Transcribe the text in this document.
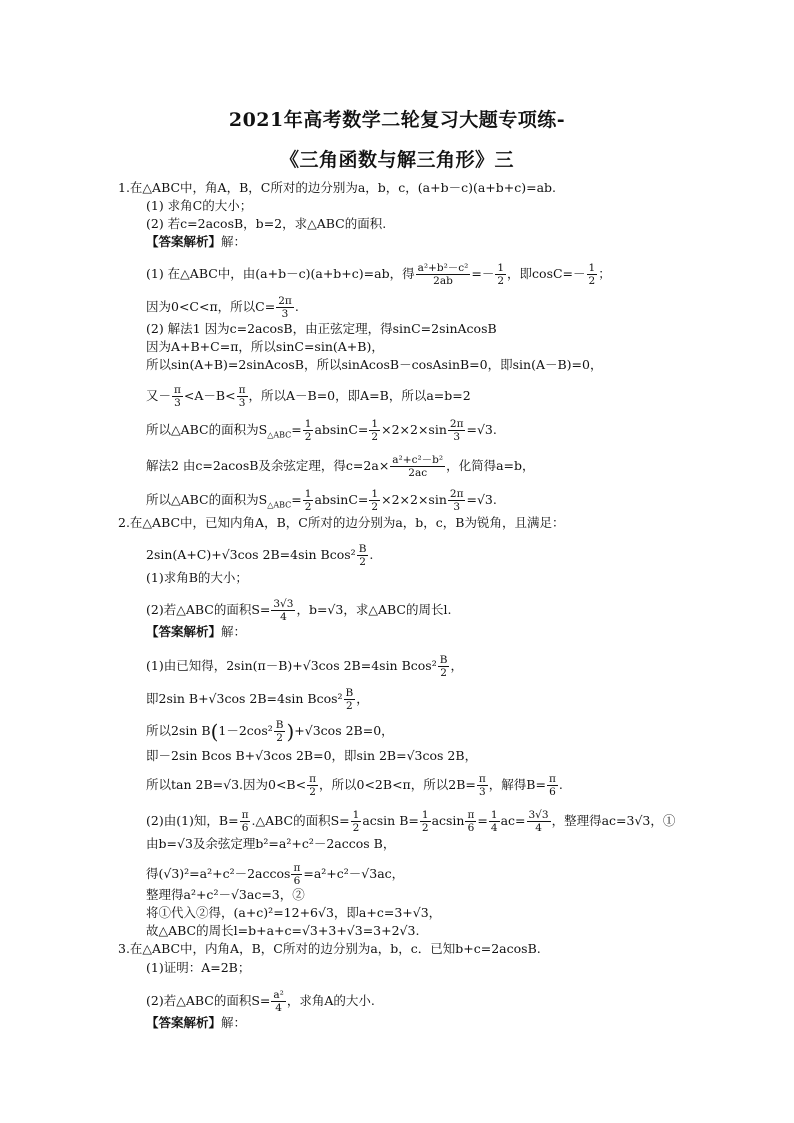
2021年高考数学二轮复习大题专项练-
《三角函数与解三角形》三
1.在△ABC中，角A，B，C所对的边分别为a，b，c，(a+b－c)(a+b+c)=ab.
(1) 求角C的大小；
(2) 若c=2acosB，b=2，求△ABC的面积.
【答案解析】解：
(1) 在△ABC中，由(a+b－c)(a+b+c)=ab，得 $\frac{\text{a²+b²－c²}}{2ab} =- \frac{1}{2}$ ，即$\cos C=- \frac{1}{2}$ ；
因为0<C<π，所以$C= \frac{2\pi}{3}$ .
(2) 解法1 因为c=2acosB，由正弦定理，得sinC=2sinAcosB
因为A+B+C=π，所以sinC=sin(A+B)，
所以sin(A+B)=2sinAcosB，所以sinAcosB－cosAsinB=0，即sin(A－B)=0，
又－ $\frac{\pi}{3} <A-B< \frac{\pi}{3}$ ，所以A－B=0，即A=B，所以a=b=2
所以△ABC的面积为$S_{\triangle ABC}= \frac{1}{2} absinC= \frac{1}{2} \times 2\times 2\times\sin \frac{2\pi}{3} =√3$.
解法2 由c=2acosB及余弦定理，得$c=2a\times \frac{\text{a²+c²－b²}}{2ac}$ ，化简得a=b，
所以△ABC的面积为$S_{\triangle ABC}= \frac{1}{2} absinC= \frac{1}{2} \times 2\times 2\times\sin \frac{2\pi}{3} =√3$.
2.在△ABC中，已知内角A，B，C所对的边分别为a，b，c，B为锐角，且满足：
2sin(A+C)+√3cos 2B=4sin $Bcos^2 \frac{B}{2}$ .
(1)求角B的大小；
(2)若△ABC的面积$S= \frac{3√3}{4}$ ，b=√3，求△ABC的周长l.
【答案解析】解：
(1)由已知得，2sin(π－B)+√3cos 2B=4sin $Bcos^2 \frac{B}{2}$ ，
即2sin B+√3cos 2B=4sin $Bcos^2 \frac{B}{2}$ ，
所以2sin $B(1-2\cos^2 \frac{B}{2} )+√3\cos$ 2B=0，
即－2sin Bcos B+√3cos 2B=0，即sin 2B=√3cos 2B，
所以tan 2B=√3.因为$0<B< \frac{\pi}{2}$ ，所以0<2B<π，所以$2B= \frac{\pi}{3}$ ，解得$B= \frac{\pi}{6}$ .
(2)由(1)知，$B= \frac{\pi}{6}$ .△ABC的面积$S= \frac{1}{2}$ acsin $B= \frac{1}{2}$ acsin $\frac{\pi}{6} = \frac{1}{4} ac= \frac{3√3}{4}$ ，整理得ac=3√3，①
由b=√3及余弦定理b²=a²+c²－2accos B，
得$(√3)^2=a^2+c^2-2accos \frac{\pi}{6} =a^2+c^2-√3ac$，
整理得a²+c²－√3ac=3，②
将①代入②得，(a+c)²=12+6√3，即a+c=3+√3，
故△ABC的周长l=b+a+c=√3+3+√3=3+2√3.
3.在△ABC中，内角A，B，C所对的边分别为a，b，c．已知b+c=2acosB.
(1)证明：A=2B；
(2)若△ABC的面积$S= \frac{\text{a²}}{4}$ ，求角A的大小.
【答案解析】解：
